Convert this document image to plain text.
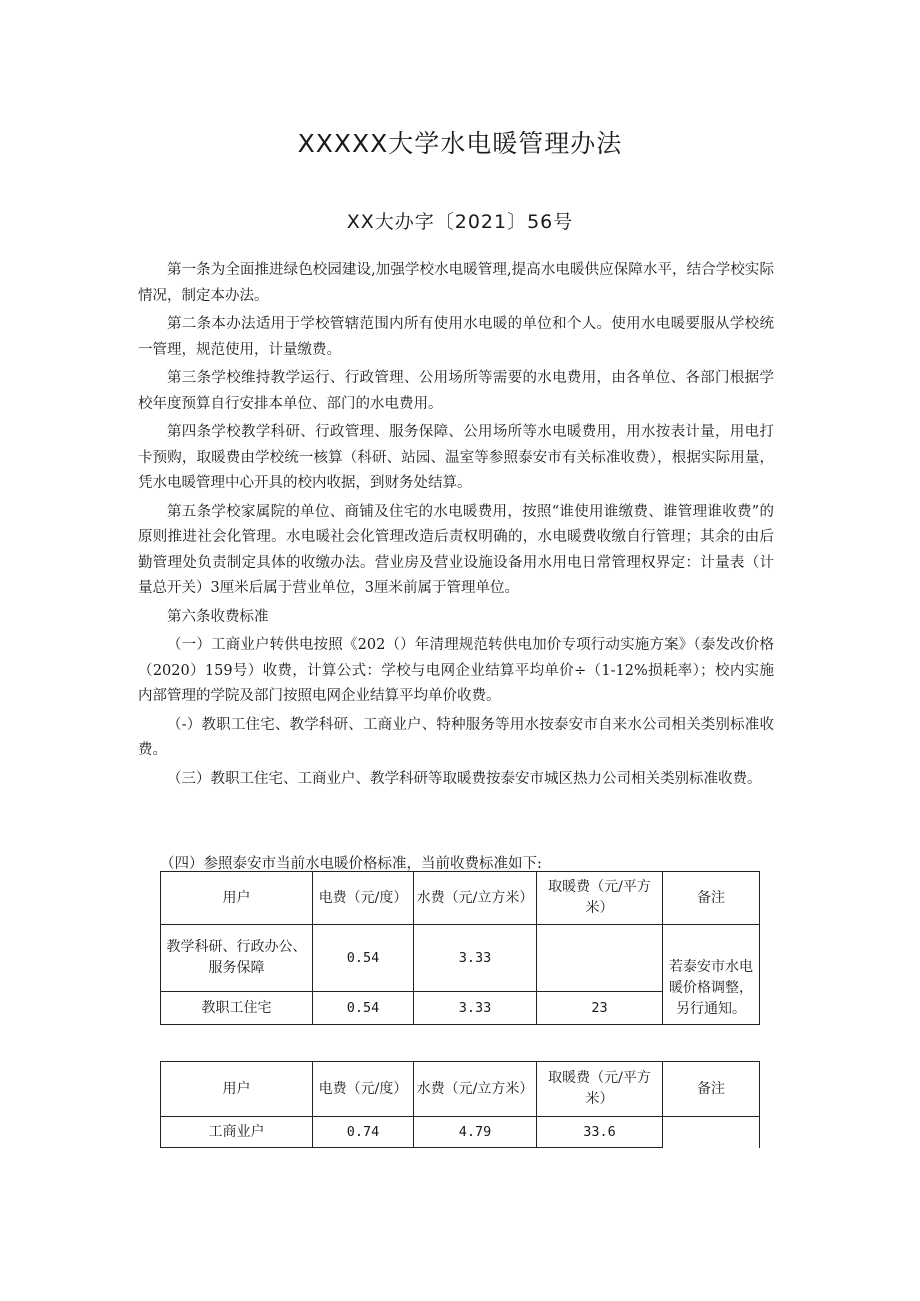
XXXXX大学水电暖管理办法
XX大办字〔2021〕56号

第一条为全面推进绿色校园建设,加强学校水电暖管理,提高水电暖供应保障水平，结合学校实际情况，制定本办法。

第二条本办法适用于学校管辖范围内所有使用水电暖的单位和个人。使用水电暖要服从学校统一管理，规范使用，计量缴费。

第三条学校维持教学运行、行政管理、公用场所等需要的水电费用，由各单位、各部门根据学校年度预算自行安排本单位、部门的水电费用。

第四条学校教学科研、行政管理、服务保障、公用场所等水电暖费用，用水按表计量，用电打卡预购，取暖费由学校统一核算（科研、站园、温室等参照泰安市有关标准收费），根据实际用量，凭水电暖管理中心开具的校内收据，到财务处结算。

第五条学校家属院的单位、商铺及住宅的水电暖费用，按照“谁使用谁缴费、谁管理谁收费”的原则推进社会化管理。水电暖社会化管理改造后责权明确的，水电暖费收缴自行管理；其余的由后勤管理处负责制定具体的收缴办法。营业房及营业设施设备用水用电日常管理权界定：计量表（计量总开关）3厘米后属于营业单位，3厘米前属于管理单位。

第六条收费标准

（一）工商业户转供电按照《202（）年清理规范转供电加价专项行动实施方案》（泰发改价格（2020）159号）收费，计算公式：学校与电网企业结算平均单价÷（1-12%损耗率）；校内实施内部管理的学院及部门按照电网企业结算平均单价收费。

（-）教职工住宅、教学科研、工商业户、特种服务等用水按泰安市自来水公司相关类别标准收费。

（三）教职工住宅、工商业户、教学科研等取暖费按泰安市城区热力公司相关类别标准收费。

（四）参照泰安市当前水电暖价格标准，当前收费标准如下:
用户	电费（元/度）	水费（元/立方米）	取暖费（元/平方米）	备注
教学科研、行政办公、服务保障	0.54	3.33		若泰安市水电暖价格调整，另行通知。
教职工住宅	0.54	3.33	23	
用户	电费（元/度）	水费（元/立方米）	取暖费（元/平方米）	备注
工商业户	0.74	4.79	33.6	
